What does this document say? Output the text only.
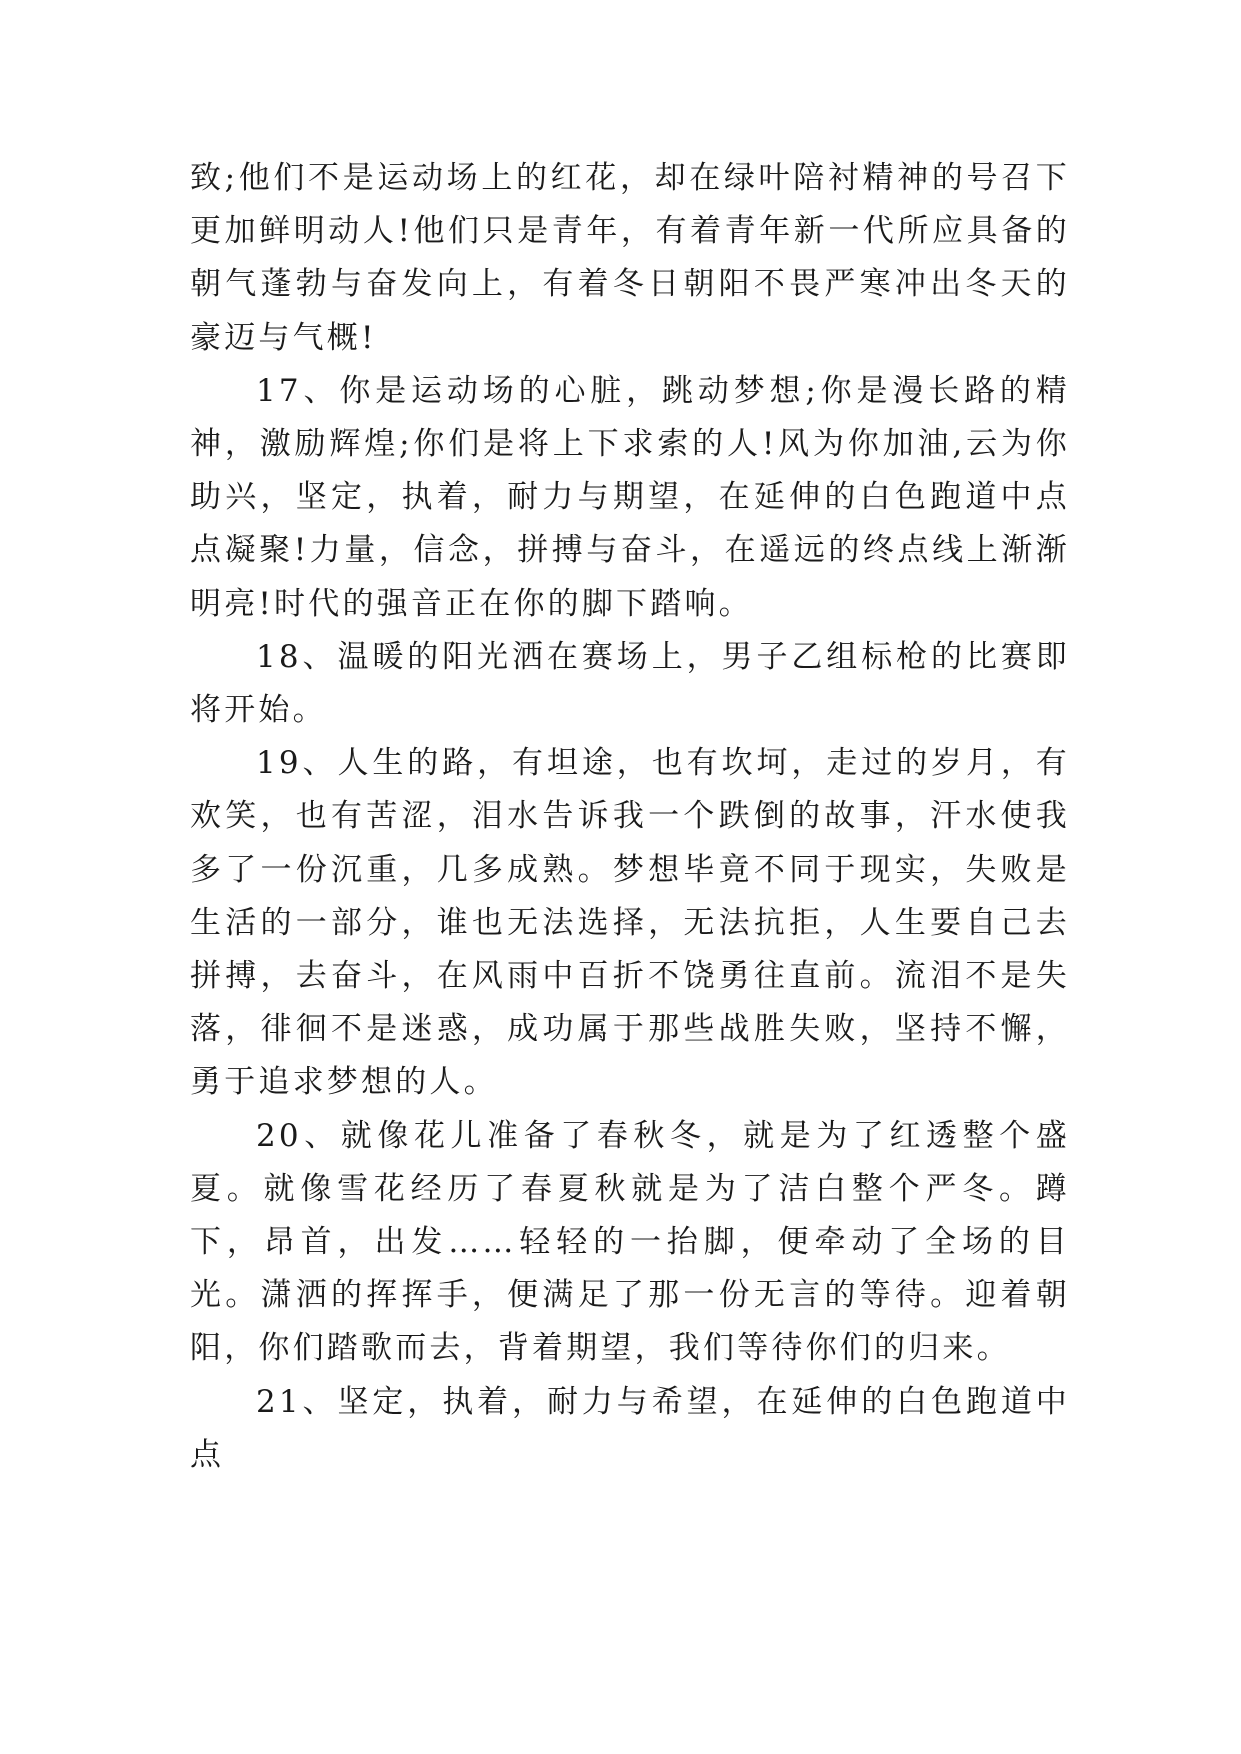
致;他们不是运动场上的红花，却在绿叶陪衬精神的号召下更加鲜明动人!他们只是青年，有着青年新一代所应具备的朝气蓬勃与奋发向上，有着冬日朝阳不畏严寒冲出冬天的豪迈与气概!

17、你是运动场的心脏，跳动梦想;你是漫长路的精神，激励辉煌;你们是将上下求索的人!风为你加油,云为你助兴，坚定，执着，耐力与期望，在延伸的白色跑道中点点凝聚!力量，信念，拼搏与奋斗，在遥远的终点线上渐渐明亮!时代的强音正在你的脚下踏响。

18、温暖的阳光洒在赛场上，男子乙组标枪的比赛即将开始。

19、人生的路，有坦途，也有坎坷，走过的岁月，有欢笑，也有苦涩，泪水告诉我一个跌倒的故事，汗水使我多了一份沉重，几多成熟。梦想毕竟不同于现实，失败是生活的一部分，谁也无法选择，无法抗拒，人生要自己去拼搏，去奋斗，在风雨中百折不饶勇往直前。流泪不是失落，徘徊不是迷惑，成功属于那些战胜失败，坚持不懈，勇于追求梦想的人。

20、就像花儿准备了春秋冬，就是为了红透整个盛夏。就像雪花经历了春夏秋就是为了洁白整个严冬。蹲下，昂首，出发……轻轻的一抬脚，便牵动了全场的目光。潇洒的挥挥手，便满足了那一份无言的等待。迎着朝阳，你们踏歌而去，背着期望，我们等待你们的归来。

21、坚定，执着，耐力与希望，在延伸的白色跑道中点
